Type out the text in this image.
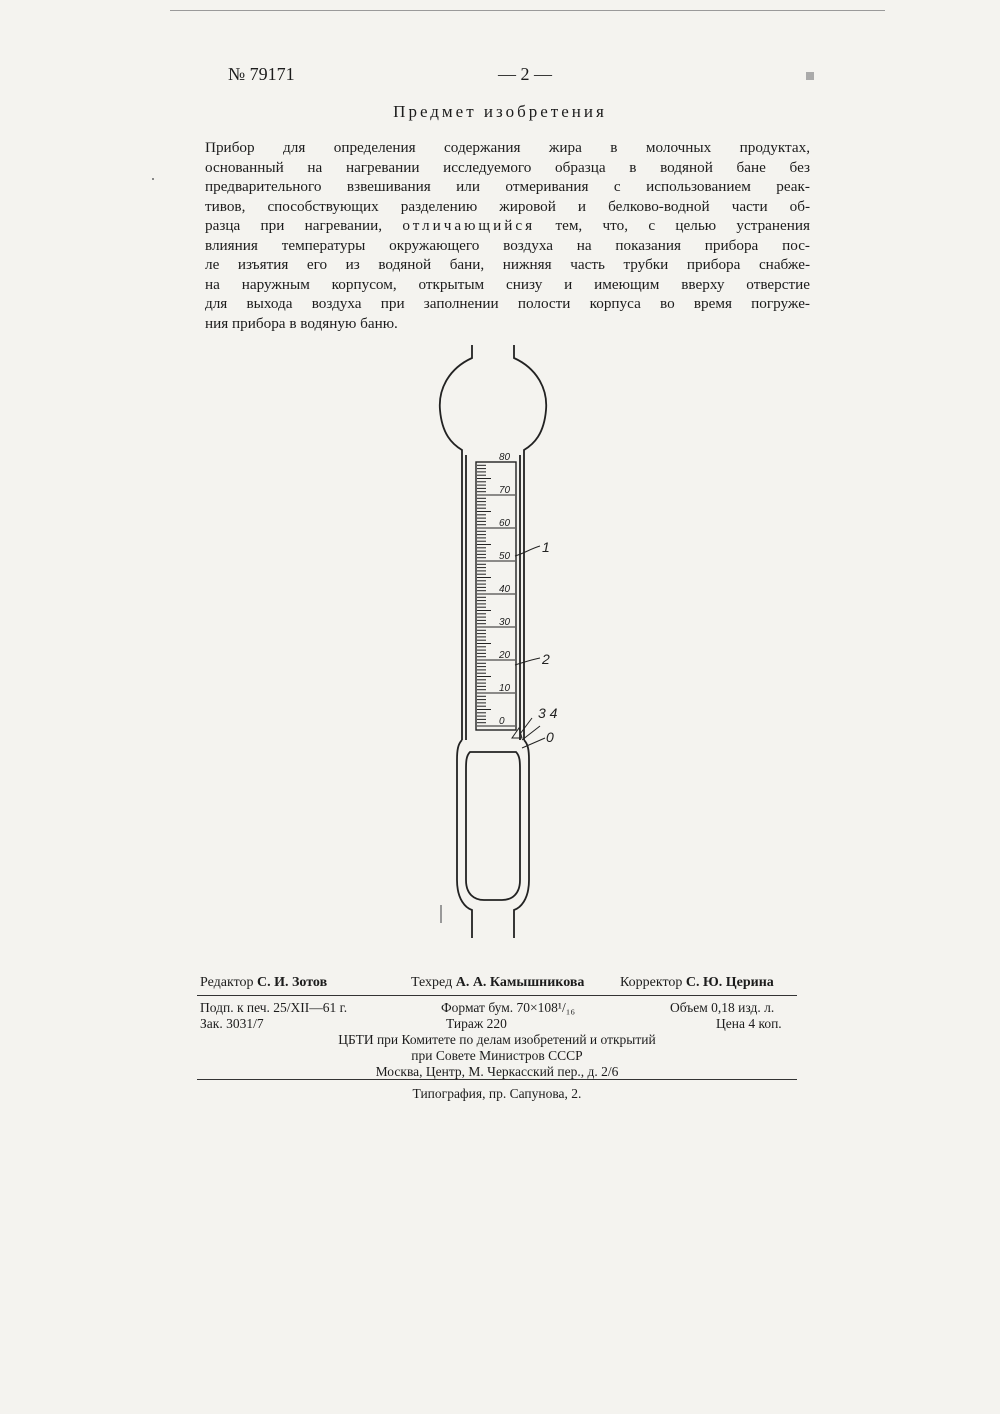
№ 79171	— 2 —
Предмет изобретения
Прибор для определения содержания жира в молочных продуктах,
основанный на нагревании исследуемого образца в водяной бане без
предварительного взвешивания или отмеривания с использованием реак-
тивов, способствующих разделению жировой и белково-водной части об-
разца при нагревании, отличающийся тем, что, с целью устранения
влияния температуры окружающего воздуха на показания прибора пос-
ле изъятия его из водяной бани, нижняя часть трубки прибора снабже-
на наружным корпусом, открытым снизу и имеющим вверху отверстие
для выхода воздуха при заполнении полости корпуса во время погруже-
ния прибора в водяную баню.
80
70
60
50
40
30
20
10
0
1
2
3 4
0
Редактор С. И. Зотов	Техред А. А. Камышникова	Корректор С. Ю. Церина
Подп. к печ. 25/XII—61 г.	Формат бум. 70×108¹/₁₆	Объем 0,18 изд. л.
Зак. 3031/7	Тираж 220	Цена 4 коп.
ЦБТИ при Комитете по делам изобретений и открытий
при Совете Министров СССР
Москва, Центр, М. Черкасский пер., д. 2/6
Типография, пр. Сапунова, 2.
